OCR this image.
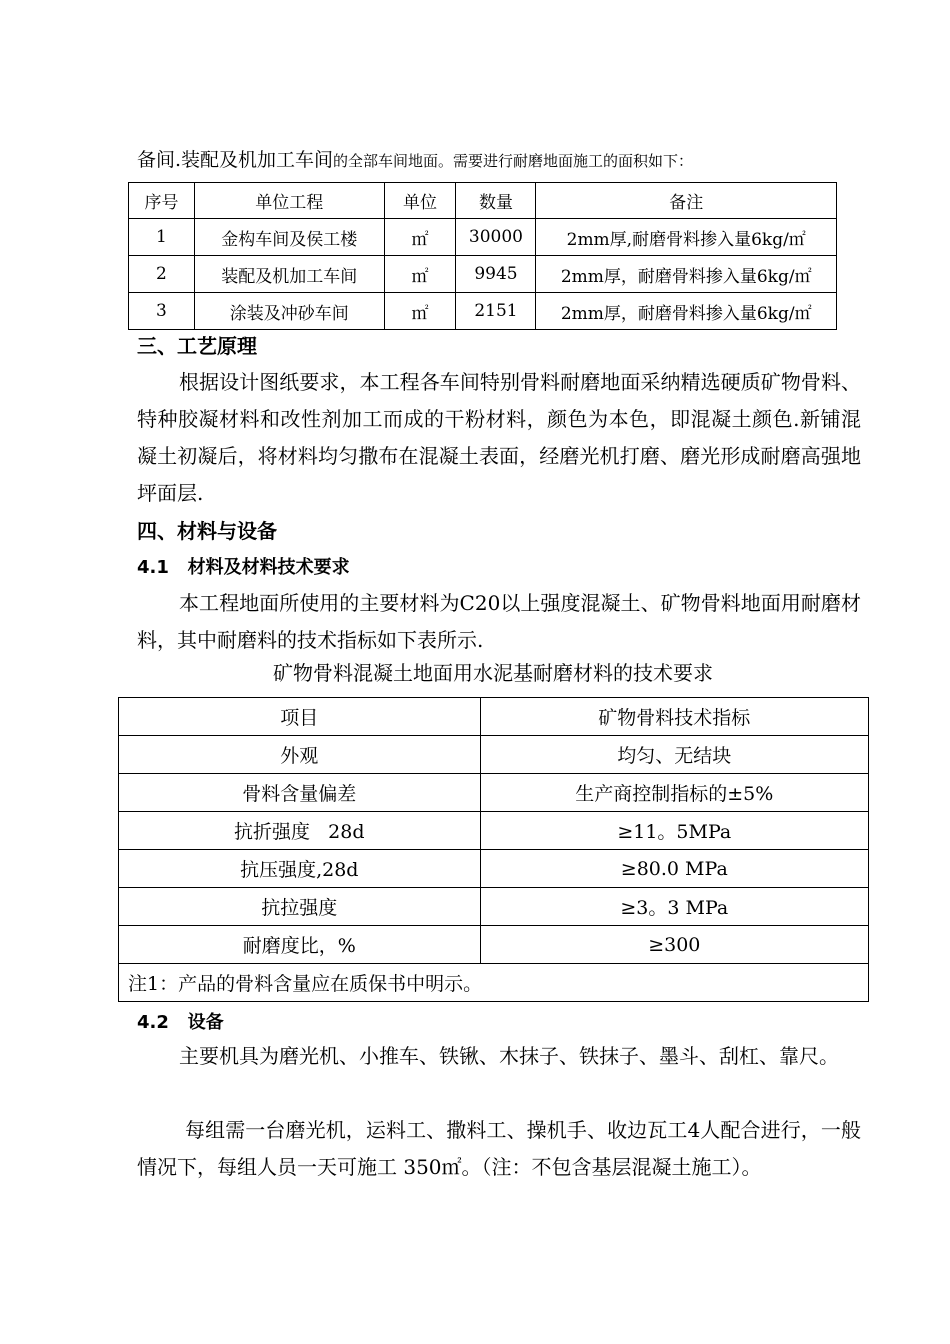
备间.装配及机加工车间的全部车间地面。需要进行耐磨地面施工的面积如下：
序号	单位工程	单位	数量	备注
1	金构车间及侯工楼	㎡	30000	2mm厚,耐磨骨料掺入量6kg/㎡
2	装配及机加工车间	㎡	9945	2mm厚，耐磨骨料掺入量6kg/㎡
3	涂装及冲砂车间	㎡	2151	2mm厚，耐磨骨料掺入量6kg/㎡
三、工艺原理
根据设计图纸要求，本工程各车间特别骨料耐磨地面采纳精选硬质矿物骨料、特种胶凝材料和改性剂加工而成的干粉材料，颜色为本色，即混凝土颜色.新铺混凝土初凝后，将材料均匀撒布在混凝土表面，经磨光机打磨、磨光形成耐磨高强地坪面层.
四、材料与设备
4.1   材料及材料技术要求
本工程地面所使用的主要材料为C20以上强度混凝土、矿物骨料地面用耐磨材料，其中耐磨料的技术指标如下表所示.
矿物骨料混凝土地面用水泥基耐磨材料的技术要求
项目	矿物骨料技术指标
外观	均匀、无结块
骨料含量偏差	生产商控制指标的±5%
抗折强度   28d	≥11。5MPa
抗压强度,28d	≥80.0 MPa
抗拉强度	≥3。3 MPa
耐磨度比，%	≥300
注1：产品的骨料含量应在质保书中明示。	
4.2   设备
主要机具为磨光机、小推车、铁锹、木抹子、铁抹子、墨斗、刮杠、靠尺。
每组需一台磨光机，运料工、撒料工、操机手、收边瓦工4人配合进行，一般情况下，每组人员一天可施工 350㎡。（注：不包含基层混凝土施工）。
